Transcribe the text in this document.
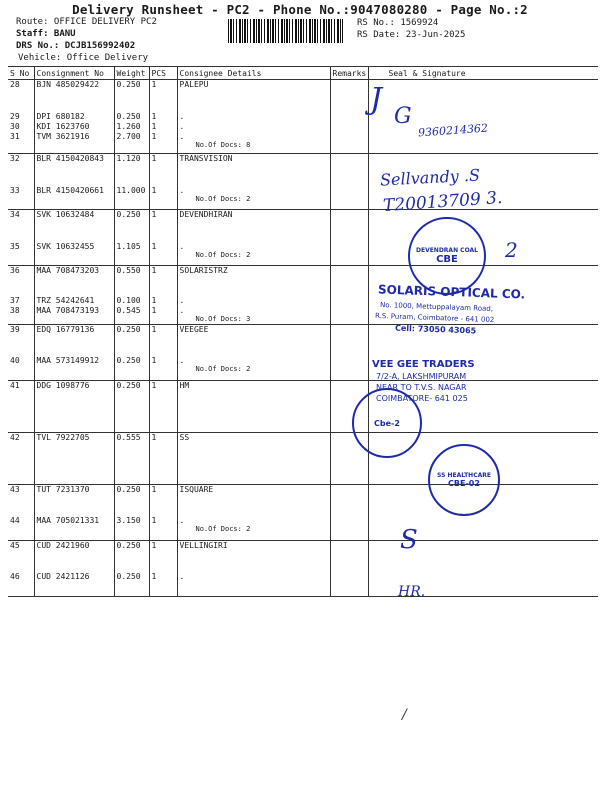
Delivery Runsheet - PC2 - Phone No.:9047080280 - Page No.:2
Route: OFFICE DELIVERY PC2
Staff: BANU
DRS No.: DCJB156992402
Vehicle: Office Delivery
RS No.: 1569924
RS Date: 23-Jun-2025
S No	Consignment No	Weight	PCS	Consignee Details	Remarks	Seal & Signature
28	BJN 485029422	0.250	1	PALEPU		
29	DPI 680182	0.250	1	.		
30	KDI 1623760	1.260	1	.		
31	TVM 3621916	2.700	1	.
No.Of Docs: 8		

32	BLR 4150420843	1.120	1	TRANSVISION		
33	BLR 4150420661	11.000	1	.
No.Of Docs: 2		

34	SVK 10632484	0.250	1	DEVENDHIRAN		
35	SVK 10632455	1.105	1	.
No.Of Docs: 2		

36	MAA 708473203	0.550	1	SOLARISTRZ		
37	TRZ 54242641	0.100	1	.		
38	MAA 708473193	0.545	1	.
No.Of Docs: 3		

39	EDQ 16779136	0.250	1	VEEGEE		
40	MAA 573149912	0.250	1	.
No.Of Docs: 2		

41	DDG 1098776	0.250	1	HM		
42	TVL 7922705	0.555	1	SS		
43	TUT 7231370	0.250	1	ISQUARE		
44	MAA 705021331	3.150	1	.
No.Of Docs: 2		

45	CUD 2421960	0.250	1	VELLINGIRI		
46	CUD 2421126	0.250	1	.		
J G
9360214362
Sellvandy .S
T20013709 3.
HR.
S
DEVENDRAN COAL
CBE	2
SOLARIS OPTICAL CO.
No. 1000, Mettuppalayam Road,
R.S. Puram, Coimbatore - 641 002
Cell: 73050 43065
VEE GEE TRADERS
7/2-A, LAKSHMIPURAM
NEAR TO T.V.S. NAGAR
COIMBATORE- 641 025
Cbe-2
SS HEALTHCARE
CBE-02
/
